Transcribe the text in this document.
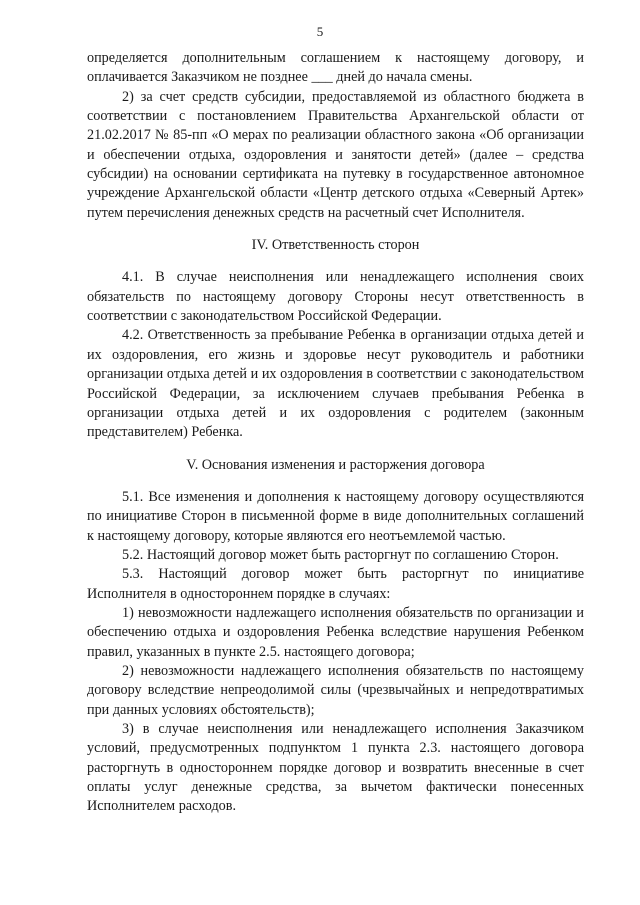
5

определяется дополнительным соглашением к настоящему договору, и оплачивается Заказчиком не позднее ___ дней до начала смены.

2) за счет средств субсидии, предоставляемой из областного бюджета в соответствии с постановлением Правительства Архангельской области от 21.02.2017 № 85-пп «О мерах по реализации областного закона «Об организации и обеспечении отдыха, оздоровления и занятости детей» (далее – средства субсидии) на основании сертификата на путевку в государственное автономное учреждение Архангельской области «Центр детского отдыха «Северный Артек» путем перечисления денежных средств на расчетный счет Исполнителя.

IV. Ответственность сторон

4.1. В случае неисполнения или ненадлежащего исполнения своих обязательств по настоящему договору Стороны несут ответственность в соответствии с законодательством Российской Федерации.

4.2. Ответственность за пребывание Ребенка в организации отдыха детей и их оздоровления, его жизнь и здоровье несут руководитель и работники организации отдыха детей и их оздоровления в соответствии с законодательством Российской Федерации, за исключением случаев пребывания Ребенка в организации отдыха детей и их оздоровления с родителем (законным представителем) Ребенка.

V. Основания изменения и расторжения договора

5.1. Все изменения и дополнения к настоящему договору осуществляются по инициативе Сторон в письменной форме в виде дополнительных соглашений к настоящему договору, которые являются его неотъемлемой частью.

5.2. Настоящий договор может быть расторгнут по соглашению Сторон.

5.3. Настоящий договор может быть расторгнут по инициативе Исполнителя в одностороннем порядке в случаях:

1) невозможности надлежащего исполнения обязательств по организации и обеспечению отдыха и оздоровления Ребенка вследствие нарушения Ребенком правил, указанных в пункте 2.5. настоящего договора;

2) невозможности надлежащего исполнения обязательств по настоящему договору вследствие непреодолимой силы (чрезвычайных и непредотвратимых при данных условиях обстоятельств);

3) в случае неисполнения или ненадлежащего исполнения Заказчиком условий, предусмотренных подпунктом 1 пункта 2.3. настоящего договора расторгнуть в одностороннем порядке договор и возвратить внесенные в счет оплаты услуг денежные средства, за вычетом фактически понесенных Исполнителем расходов.
